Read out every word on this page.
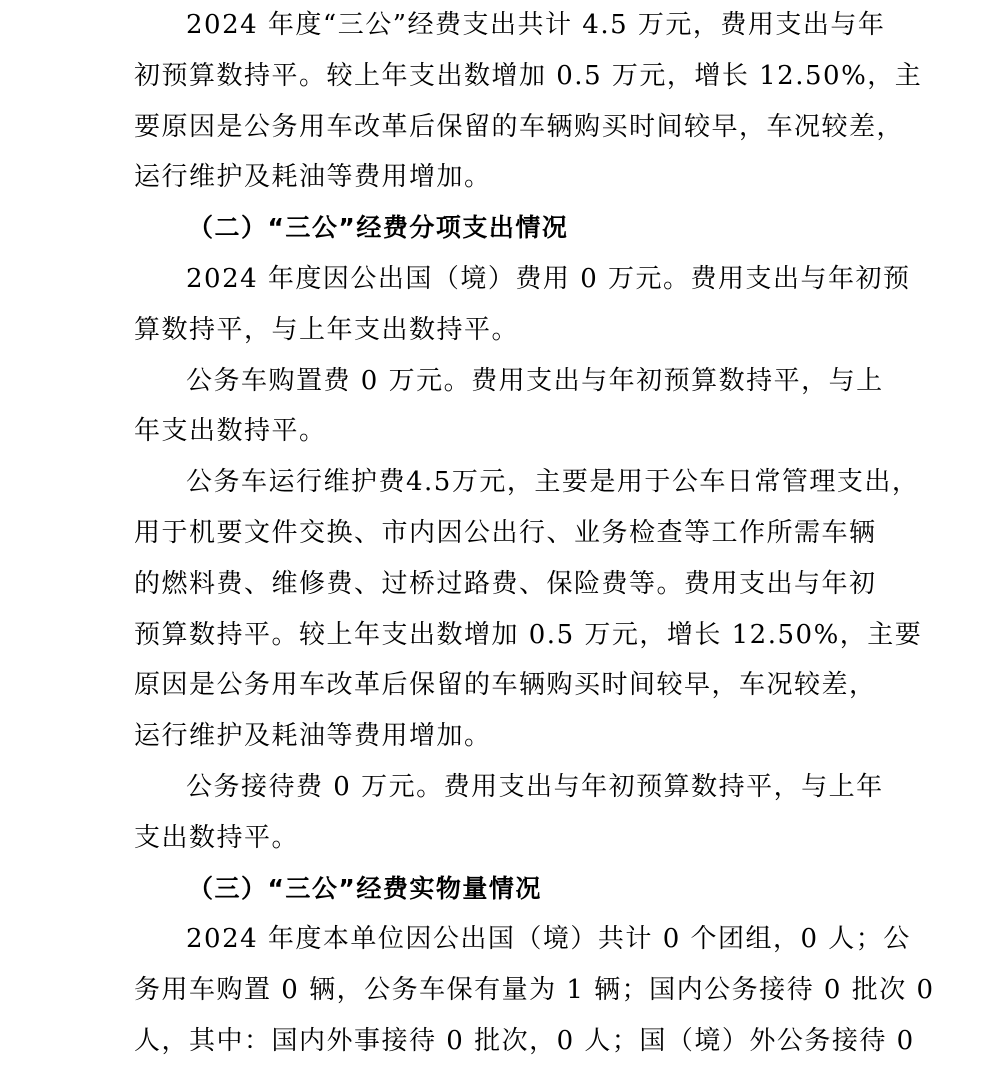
2024 年度“三公”经费支出共计 4.5 万元，费用支出与年
初预算数持平。较上年支出数增加 0.5 万元，增长 12.50%，主
要原因是公务用车改革后保留的车辆购买时间较早，车况较差，
运行维护及耗油等费用增加。
（二）“三公”经费分项支出情况
2024 年度因公出国（境）费用 0 万元。费用支出与年初预
算数持平，与上年支出数持平。
公务车购置费 0 万元。费用支出与年初预算数持平，与上
年支出数持平。
公务车运行维护费4.5万元，主要是用于公车日常管理支出，
用于机要文件交换、市内因公出行、业务检查等工作所需车辆
的燃料费、维修费、过桥过路费、保险费等。费用支出与年初
预算数持平。较上年支出数增加 0.5 万元，增长 12.50%，主要
原因是公务用车改革后保留的车辆购买时间较早，车况较差，
运行维护及耗油等费用增加。
公务接待费 0 万元。费用支出与年初预算数持平，与上年
支出数持平。
（三）“三公”经费实物量情况
2024 年度本单位因公出国（境）共计 0 个团组，0 人；公
务用车购置 0 辆，公务车保有量为 1 辆；国内公务接待 0 批次 0
人，其中：国内外事接待 0 批次，0 人；国（境）外公务接待 0
